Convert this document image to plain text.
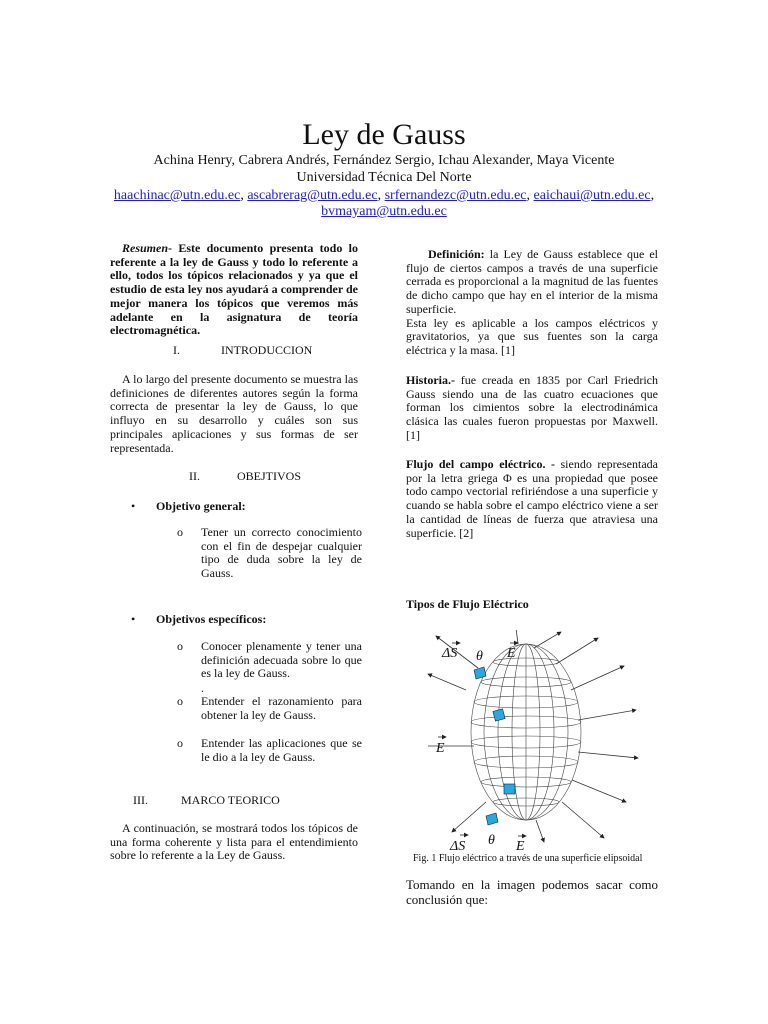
Ley de Gauss
Achina Henry, Cabrera Andrés, Fernández Sergio, Ichau Alexander, Maya Vicente
Universidad Técnica Del Norte
haachinac@utn.edu.ec, ascabrerag@utn.edu.ec, srfernandezc@utn.edu.ec, eaichaui@utn.edu.ec,
bvmayam@utn.edu.ec

Resumen- Este documento presenta todo lo referente a la ley de Gauss y todo lo referente a ello, todos los tópicos relacionados y ya que el estudio de esta ley nos ayudará a comprender de mejor manera los tópicos que veremos más adelante en la asignatura de teoría electromagnética.

I.	INTRODUCCION

A lo largo del presente documento se muestra las definiciones de diferentes autores según la forma correcta de presentar la ley de Gauss, lo que influyo en su desarrollo y cuáles son sus principales aplicaciones y sus formas de ser representada.

II.	OBEJTIVOS
• Objetivo general:
o Tener un correcto conocimiento con el fin de despejar cualquier tipo de duda sobre la ley de Gauss.
• Objetivos específicos:
o Conocer plenamente y tener una definición adecuada sobre lo que es la ley de Gauss.
.
o Entender el razonamiento para obtener la ley de Gauss.
o Entender las aplicaciones que se le dio a la ley de Gauss.
III.	MARCO TEORICO

A continuación, se mostrará todos los tópicos de una forma coherente y lista para el entendimiento sobre lo referente a la Ley de Gauss.

Definición: la Ley de Gauss establece que el flujo de ciertos campos a través de una superficie cerrada es proporcional a la magnitud de las fuentes de dicho campo que hay en el interior de la misma superficie.

Esta ley es aplicable a los campos eléctricos y gravitatorios, ya que sus fuentes son la carga eléctrica y la masa. [1]

Historia.- fue creada en 1835 por Carl Friedrich Gauss siendo una de las cuatro ecuaciones que forman los cimientos sobre la electrodinámica clásica las cuales fueron propuestas por Maxwell. [1]

Flujo del campo eléctrico. - siendo representada por la letra griega Φ es una propiedad que posee todo campo vectorial refiriéndose a una superficie y cuando se habla sobre el campo eléctrico viene a ser la cantidad de líneas de fuerza que atraviesa una superficie. [2]

Tipos de Flujo Eléctrico
ΔS θ E
E
ΔS θ E
Fig. 1 Flujo eléctrico a través de una superficie elipsoidal

Tomando en la imagen podemos sacar como conclusión que:
